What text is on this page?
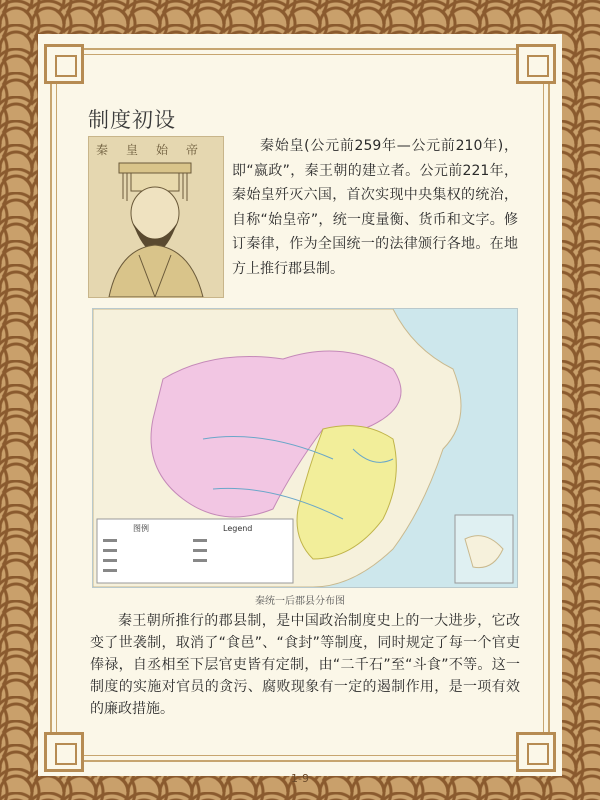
制度初设
秦皇始帝	秦始皇(公元前259年—公元前210年)，即“嬴政”，秦王朝的建立者。公元前221年，秦始皇歼灭六国，首次实现中央集权的统治，自称“始皇帝”，统一度量衡、货币和文字。修订秦律，作为全国统一的法律颁行各地。在地方上推行郡县制。

图例	Legend
秦统一后郡县分布图

秦王朝所推行的郡县制，是中国政治制度史上的一大进步，它改变了世袭制，取消了“食邑”、“食封”等制度，同时规定了每一个官吏俸禄，自丞相至下层官吏皆有定制，由“二千石”至“斗食”不等。这一制度的实施对官员的贪污、腐败现象有一定的遏制作用，是一项有效的廉政措施。

1-9
